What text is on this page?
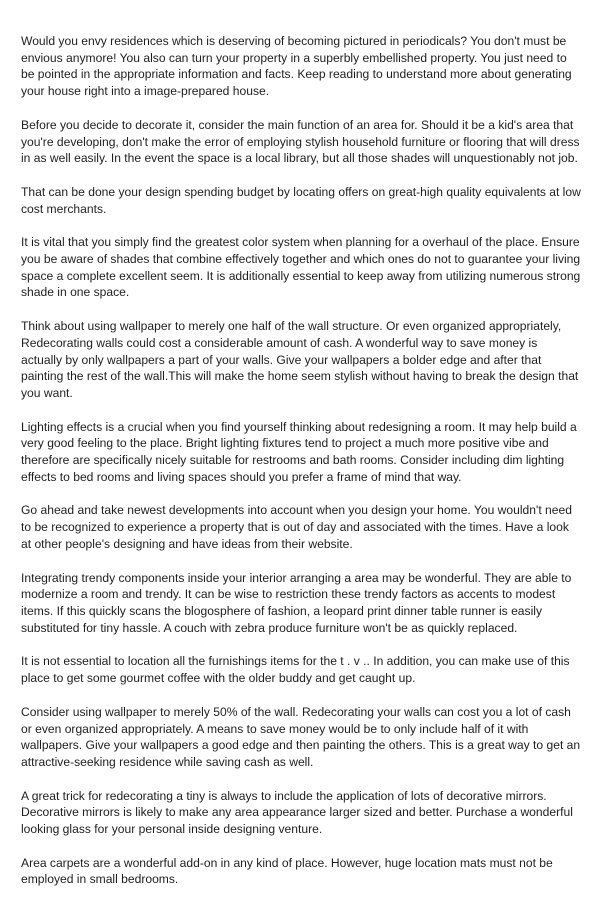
Would you envy residences which is deserving of becoming pictured in periodicals? You don't must be envious anymore! You also can turn your property in a superbly embellished property. You just need to be pointed in the appropriate information and facts. Keep reading to understand more about generating your house right into a image-prepared house.

Before you decide to decorate it, consider the main function of an area for. Should it be a kid's area that you're developing, don't make the error of employing stylish household furniture or flooring that will dress in as well easily. In the event the space is a local library, but all those shades will unquestionably not job.

That can be done your design spending budget by locating offers on great-high quality equivalents at low cost merchants.

It is vital that you simply find the greatest color system when planning for a overhaul of the place. Ensure you be aware of shades that combine effectively together and which ones do not to guarantee your living space a complete excellent seem. It is additionally essential to keep away from utilizing numerous strong shade in one space.

Think about using wallpaper to merely one half of the wall structure. Or even organized appropriately, Redecorating walls could cost a considerable amount of cash. A wonderful way to save money is actually by only wallpapers a part of your walls. Give your wallpapers a bolder edge and after that painting the rest of the wall.This will make the home seem stylish without having to break the design that you want.

Lighting effects is a crucial when you find yourself thinking about redesigning a room. It may help build a very good feeling to the place. Bright lighting fixtures tend to project a much more positive vibe and therefore are specifically nicely suitable for restrooms and bath rooms. Consider including dim lighting effects to bed rooms and living spaces should you prefer a frame of mind that way.

Go ahead and take newest developments into account when you design your home. You wouldn't need to be recognized to experience a property that is out of day and associated with the times. Have a look at other people's designing and have ideas from their website.

Integrating trendy components inside your interior arranging a area may be wonderful. They are able to modernize a room and trendy. It can be wise to restriction these trendy factors as accents to modest items. If this quickly scans the blogosphere of fashion, a leopard print dinner table runner is easily substituted for tiny hassle. A couch with zebra produce furniture won't be as quickly replaced.

It is not essential to location all the furnishings items for the t . v .. In addition, you can make use of this place to get some gourmet coffee with the older buddy and get caught up.

Consider using wallpaper to merely 50% of the wall. Redecorating your walls can cost you a lot of cash or even organized appropriately. A means to save money would be to only include half of it with wallpapers. Give your wallpapers a good edge and then painting the others. This is a great way to get an attractive-seeking residence while saving cash as well.

A great trick for redecorating a tiny is always to include the application of lots of decorative mirrors. Decorative mirrors is likely to make any area appearance larger sized and better. Purchase a wonderful looking glass for your personal inside designing venture.

Area carpets are a wonderful add-on in any kind of place. However, huge location mats must not be employed in small bedrooms.
